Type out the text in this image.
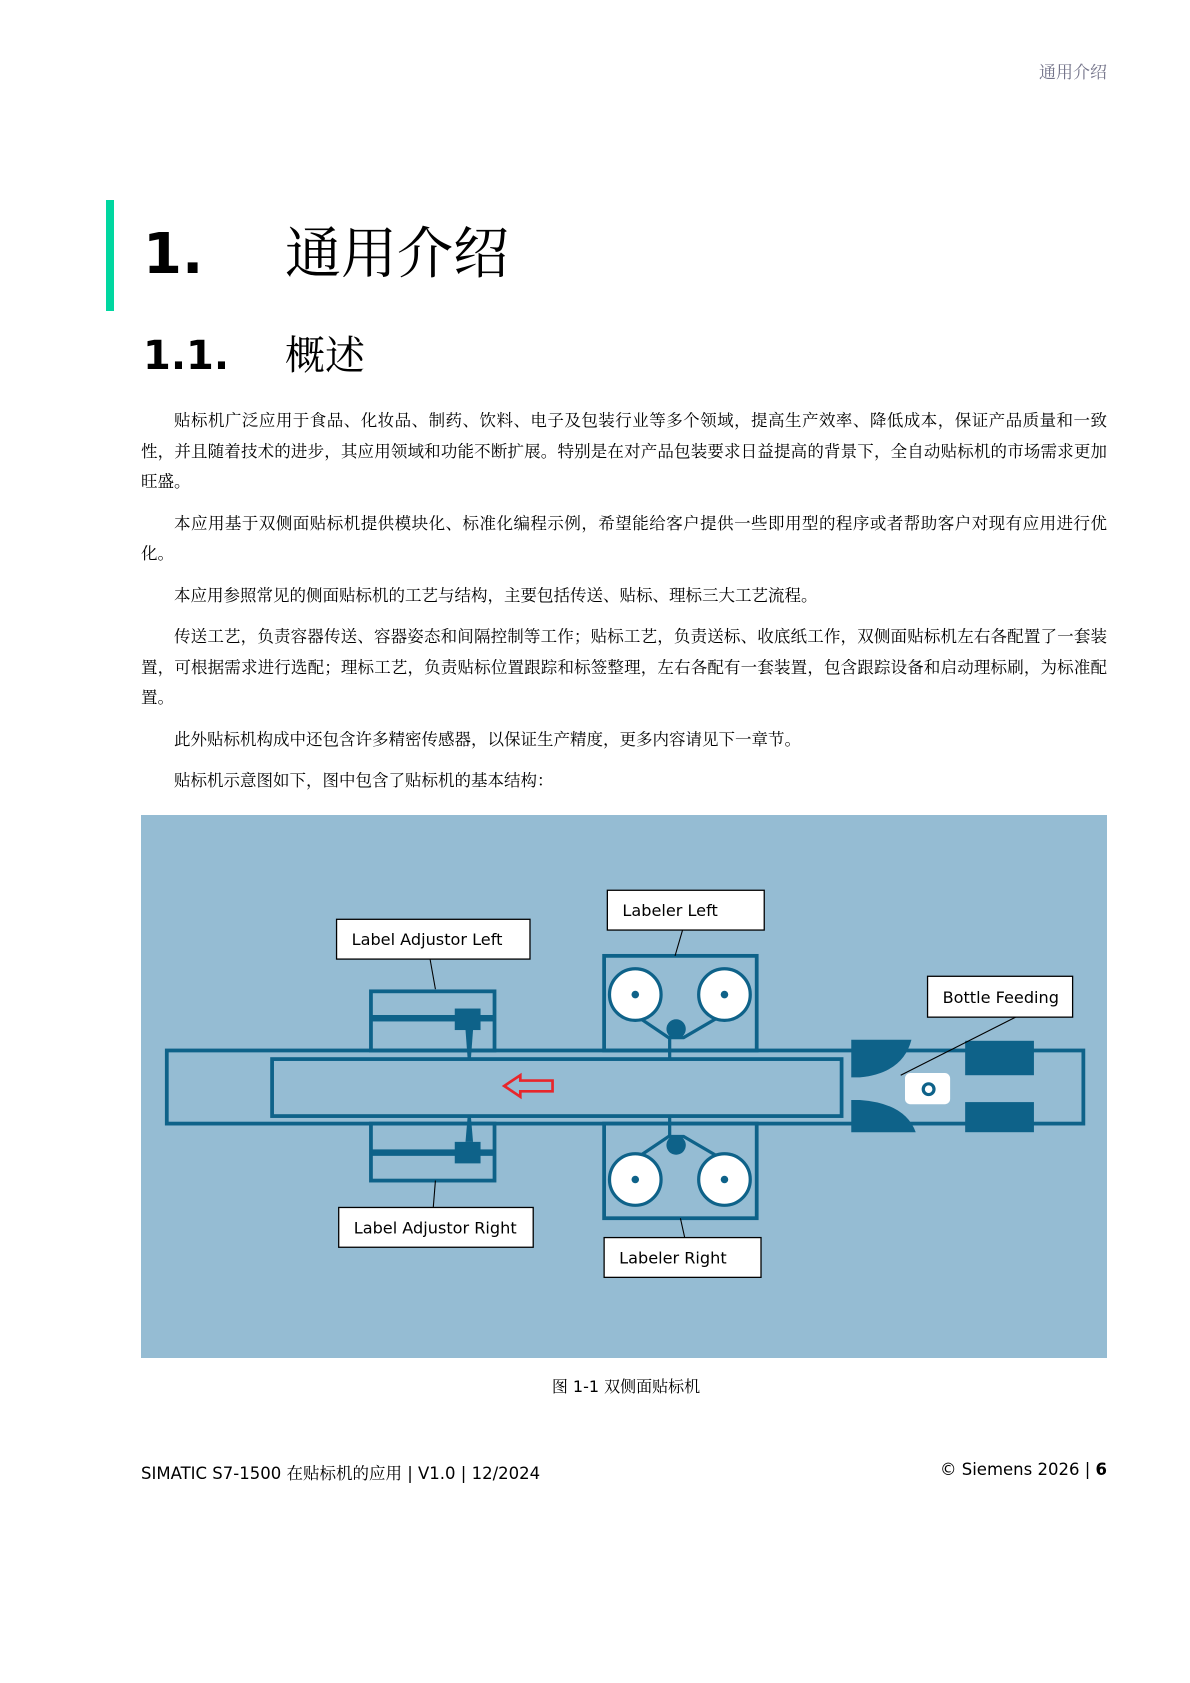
通用介绍
1. 通用介绍
1.1. 概述

贴标机广泛应用于食品、化妆品、制药、饮料、电子及包装行业等多个领域，提高生产效率、降低成本，保证产品质量和一致性，并且随着技术的进步，其应用领域和功能不断扩展。特别是在对产品包装要求日益提高的背景下，全自动贴标机的市场需求更加旺盛。

本应用基于双侧面贴标机提供模块化、标准化编程示例，希望能给客户提供一些即用型的程序或者帮助客户对现有应用进行优化。

本应用参照常见的侧面贴标机的工艺与结构，主要包括传送、贴标、理标三大工艺流程。

传送工艺，负责容器传送、容器姿态和间隔控制等工作；贴标工艺，负责送标、收底纸工作，双侧面贴标机左右各配置了一套装置，可根据需求进行选配；理标工艺，负责贴标位置跟踪和标签整理，左右各配有一套装置，包含跟踪设备和启动理标刷，为标准配置。

此外贴标机构成中还包含许多精密传感器，以保证生产精度，更多内容请见下一章节。

贴标机示意图如下，图中包含了贴标机的基本结构：

Label Adjustor Left
Labeler Left
Bottle Feeding
Label Adjustor Right
Labeler Right
图 1-1 双侧面贴标机
SIMATIC S7-1500 在贴标机的应用 | V1.0 | 12/2024	© Siemens 2026 | 6
